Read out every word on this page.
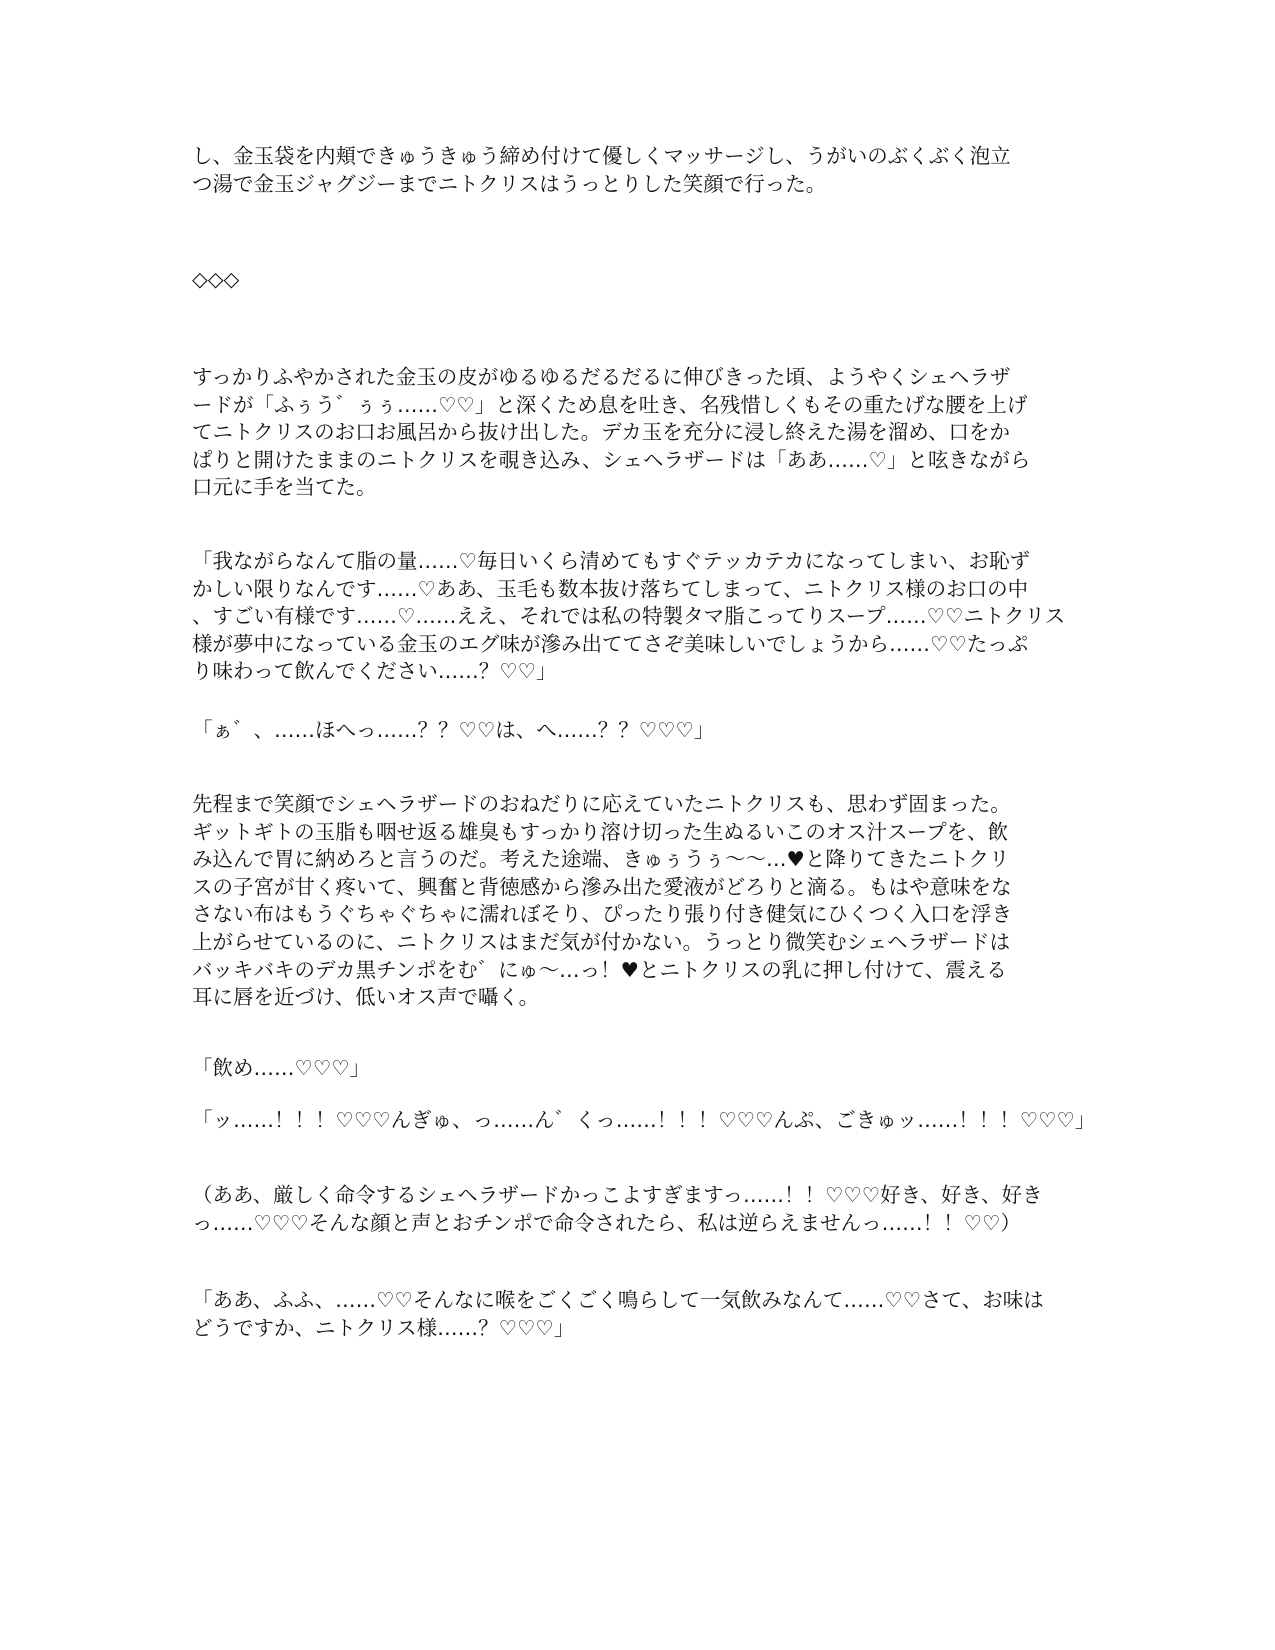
し、金玉袋を内頬できゅうきゅう締め付けて優しくマッサージし、うがいのぶくぶく泡立
つ湯で金玉ジャグジーまでニトクリスはうっとりした笑顔で行った。
◇◇◇
すっかりふやかされた金玉の皮がゆるゆるだるだるに伸びきった頃、ようやくシェヘラザ
ードが「ふぅう゛ぅぅ……♡♡」と深くため息を吐き、名残惜しくもその重たげな腰を上げ
てニトクリスのお口お風呂から抜け出した。デカ玉を充分に浸し終えた湯を溜め、口をか
ぱりと開けたままのニトクリスを覗き込み、シェヘラザードは「ああ……♡」と呟きながら
口元に手を当てた。
「我ながらなんて脂の量……♡毎日いくら清めてもすぐテッカテカになってしまい、お恥ず
かしい限りなんです……♡ああ、玉毛も数本抜け落ちてしまって、ニトクリス様のお口の中
、すごい有様です……♡……ええ、それでは私の特製タマ脂こってりスープ……♡♡ニトクリス
様が夢中になっている金玉のエグ味が滲み出ててさぞ美味しいでしょうから……♡♡たっぷ
り味わって飲んでください……？♡♡」
「ぁ゛、……ほへっ……？？♡♡は、へ……？？♡♡♡」
先程まで笑顔でシェヘラザードのおねだりに応えていたニトクリスも、思わず固まった。
ギットギトの玉脂も咽せ返る雄臭もすっかり溶け切った生ぬるいこのオス汁スープを、飲
み込んで胃に納めろと言うのだ。考えた途端、きゅぅうぅ〜〜…♥と降りてきたニトクリ
スの子宮が甘く疼いて、興奮と背徳感から滲み出た愛液がどろりと滴る。もはや意味をな
さない布はもうぐちゃぐちゃに濡れぼそり、ぴったり張り付き健気にひくつく入口を浮き
上がらせているのに、ニトクリスはまだ気が付かない。うっとり微笑むシェヘラザードは
バッキバキのデカ黒チンポをむ゛にゅ〜…っ！♥とニトクリスの乳に押し付けて、震える
耳に唇を近づけ、低いオス声で囁く。
「飲め……♡♡♡」
「ッ……！！！♡♡♡んぎゅ、っ……ん゛くっ……！！！♡♡♡んぷ、ごきゅッ……！！！♡♡♡」
（ああ、厳しく命令するシェヘラザードかっこよすぎますっ……！！♡♡♡好き、好き、好き
っ……♡♡♡そんな顔と声とおチンポで命令されたら、私は逆らえませんっ……！！♡♡）
「ああ、ふふ、……♡♡そんなに喉をごくごく鳴らして一気飲みなんて……♡♡さて、お味は
どうですか、ニトクリス様……？♡♡♡」
